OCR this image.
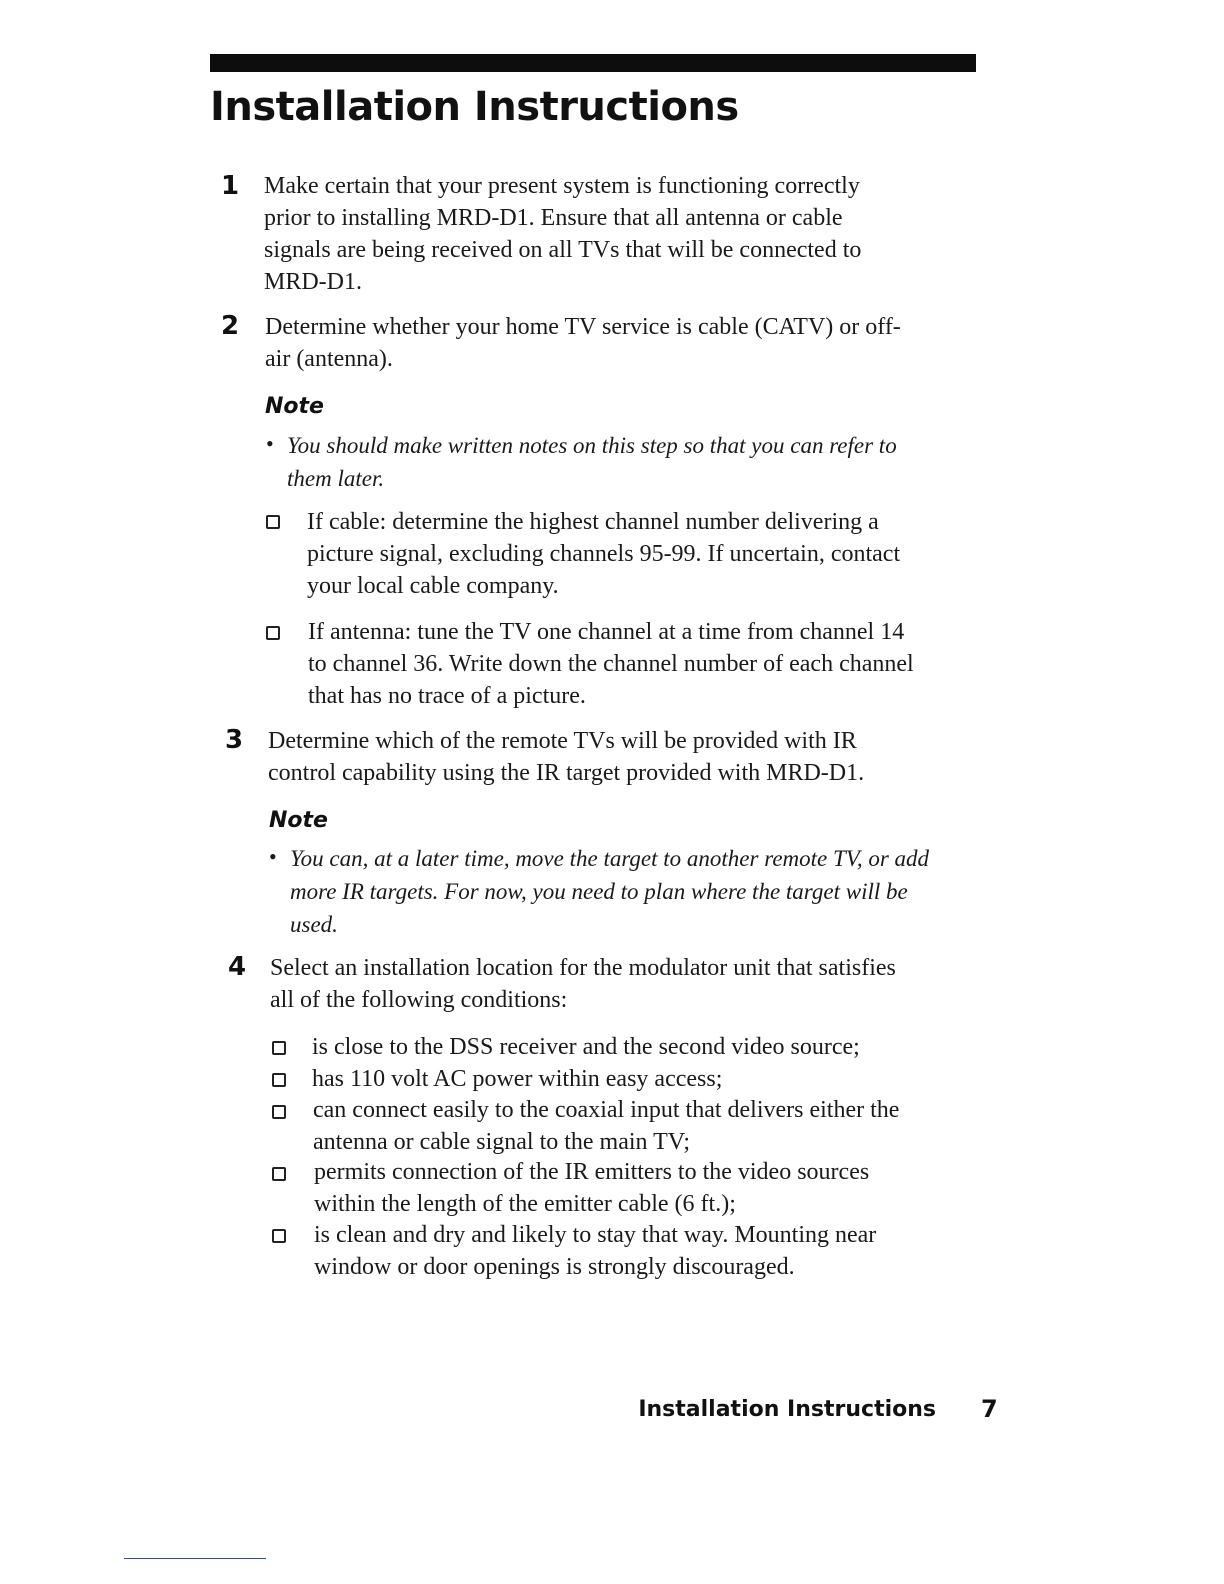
Installation Instructions
1 Make certain that your present system is functioning correctly
prior to installing MRD-D1. Ensure that all antenna or cable
signals are being received on all TVs that will be connected to
MRD-D1.
2 Determine whether your home TV service is cable (CATV) or off-
air (antenna).
Note
• You should make written notes on this step so that you can refer to
them later.
If cable: determine the highest channel number delivering a
picture signal, excluding channels 95-99. If uncertain, contact
your local cable company.
If antenna: tune the TV one channel at a time from channel 14
to channel 36. Write down the channel number of each channel
that has no trace of a picture.
3 Determine which of the remote TVs will be provided with IR
control capability using the IR target provided with MRD-D1.
Note
• You can, at a later time, move the target to another remote TV, or add
more IR targets. For now, you need to plan where the target will be
used.
4 Select an installation location for the modulator unit that satisfies
all of the following conditions:
is close to the DSS receiver and the second video source;
has 110 volt AC power within easy access;
can connect easily to the coaxial input that delivers either the
antenna or cable signal to the main TV;
permits connection of the IR emitters to the video sources
within the length of the emitter cable (6 ft.);
is clean and dry and likely to stay that way. Mounting near
window or door openings is strongly discouraged.
Installation Instructions 7
